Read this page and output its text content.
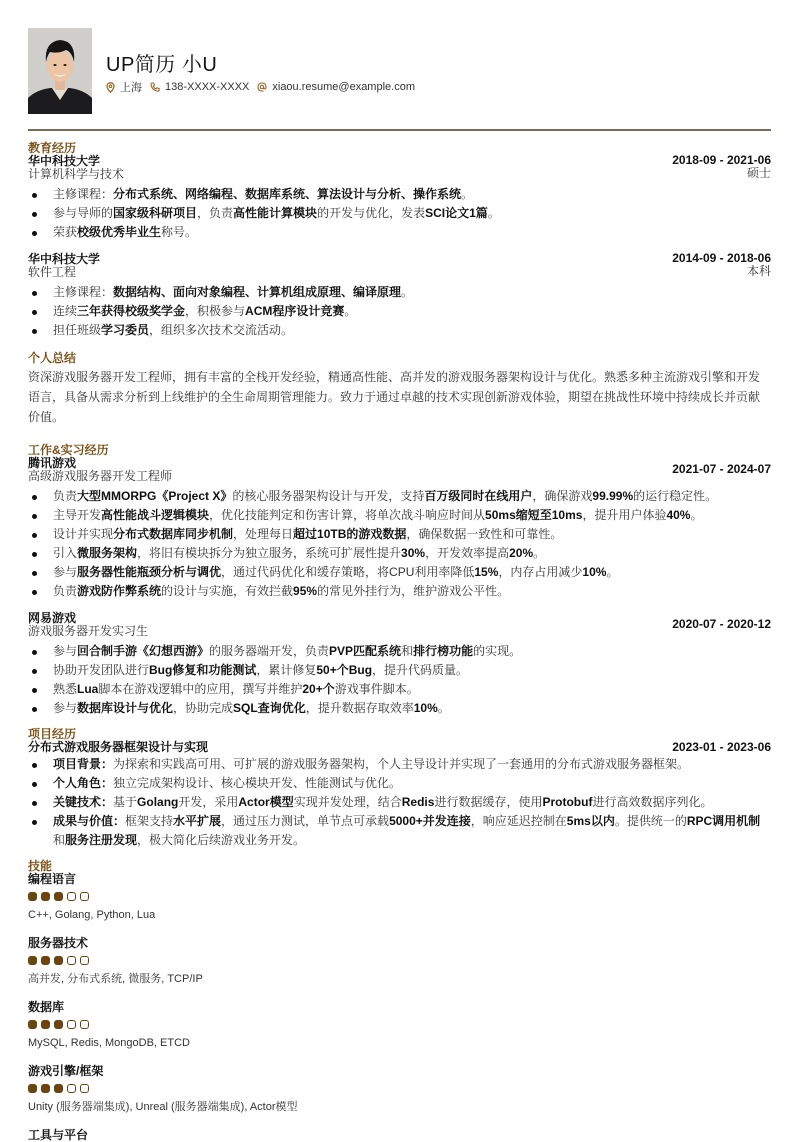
UP简历 小U
上海 138-XXXX-XXXX xiaou.resume@example.com
教育经历
华中科技大学
计算机科学与技术
2018-09 - 2021-06
硕士
主修课程：分布式系统、网络编程、数据库系统、算法设计与分析、操作系统。
参与导师的国家级科研项目，负责高性能计算模块的开发与优化，发表SCI论文1篇。
荣获校级优秀毕业生称号。
华中科技大学
软件工程
2014-09 - 2018-06
本科
主修课程：数据结构、面向对象编程、计算机组成原理、编译原理。
连续三年获得校级奖学金，积极参与ACM程序设计竞赛。
担任班级学习委员，组织多次技术交流活动。
个人总结
资深游戏服务器开发工程师，拥有丰富的全栈开发经验，精通高性能、高并发的游戏服务器架构设计与优化。熟悉多种主流游戏引擎和开发语言，具备从需求分析到上线维护的全生命周期管理能力。致力于通过卓越的技术实现创新游戏体验，期望在挑战性环境中持续成长并贡献价值。
工作&实习经历
腾讯游戏
高级游戏服务器开发工程师	2021-07 - 2024-07
负责大型MMORPG《Project X》的核心服务器架构设计与开发，支持百万级同时在线用户，确保游戏99.99%的运行稳定性。
主导开发高性能战斗逻辑模块，优化技能判定和伤害计算，将单次战斗响应时间从50ms缩短至10ms，提升用户体验40%。
设计并实现分布式数据库同步机制，处理每日超过10TB的游戏数据，确保数据一致性和可靠性。
引入微服务架构，将旧有模块拆分为独立服务，系统可扩展性提升30%，开发效率提高20%。
参与服务器性能瓶颈分析与调优，通过代码优化和缓存策略，将CPU利用率降低15%，内存占用减少10%。
负责游戏防作弊系统的设计与实施，有效拦截95%的常见外挂行为，维护游戏公平性。
网易游戏
游戏服务器开发实习生	2020-07 - 2020-12
参与回合制手游《幻想西游》的服务器端开发，负责PVP匹配系统和排行榜功能的实现。
协助开发团队进行Bug修复和功能测试，累计修复50+个Bug，提升代码质量。
熟悉Lua脚本在游戏逻辑中的应用，撰写并维护20+个游戏事件脚本。
参与数据库设计与优化，协助完成SQL查询优化，提升数据存取效率10%。
项目经历
分布式游戏服务器框架设计与实现	2023-01 - 2023-06
项目背景：为探索和实践高可用、可扩展的游戏服务器架构，个人主导设计并实现了一套通用的分布式游戏服务器框架。
个人角色：独立完成架构设计、核心模块开发、性能测试与优化。
关键技术：基于Golang开发，采用Actor模型实现并发处理，结合Redis进行数据缓存，使用Protobuf进行高效数据序列化。
成果与价值：框架支持水平扩展，通过压力测试，单节点可承载5000+并发连接，响应延迟控制在5ms以内。提供统一的RPC调用机制和服务注册发现，极大简化后续游戏业务开发。
技能
编程语言
C++, Golang, Python, Lua
服务器技术
高并发, 分布式系统, 微服务, TCP/IP
数据库
MySQL, Redis, MongoDB, ETCD
游戏引擎/框架
Unity (服务器端集成), Unreal (服务器端集成), Actor模型
工具与平台
